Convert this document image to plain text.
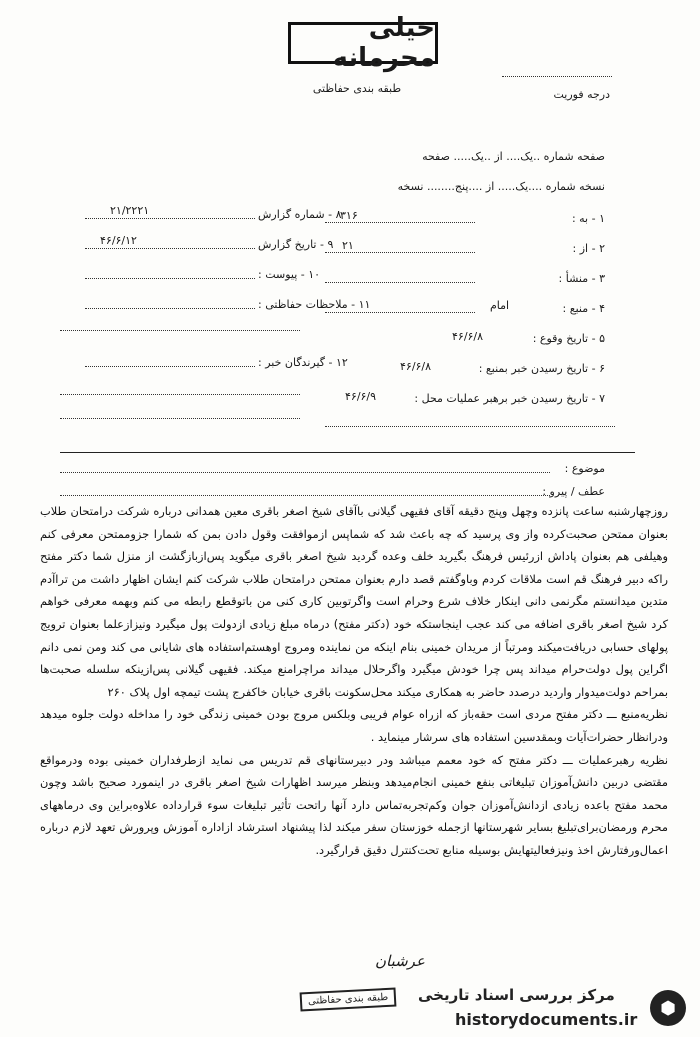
خیلی محرمانه
طبقه بندی حفاظتی	درجه فوریت
صفحه شماره ..یک.... از ..یک..... صفحه
نسخه شماره ....یک..... از ....پنج........ نسخه
۱ - به :
۳۱۶
۲ - از :
۲۱
۳ - منشأ :
۴ - منبع :
امام
۵ - تاریخ وقوع :
۴۶/۶/۸
۶ - تاریخ رسیدن خبر بمنبع :
۴۶/۶/۸
۷ - تاریخ رسیدن خبر برهبر عملیات محل :
۴۶/۶/۹
۸ - شماره گزارش
۲۱/۲۲۲۱
۹ - تاریخ گزارش
۴۶/۶/۱۲
۱۰ - پیوست :
۱۱ - ملاحظات حفاظتی :
۱۲ - گیرندگان خبر :
موضوع :
عطف / پیرو :

روزچهارشنبه ساعت پانزده وچهل وپنج دقیقه آقای فقیهی گیلانی باآقای شیخ اصغر باقری معین همدانی درباره شرکت درامتحان طلاب بعنوان ممتحن صحبت‌کرده واز وی پرسید که چه باعث شد که شماپس ازموافقت وقول دادن بمن که شمارا جزوممتحن معرفی کنم وهیلفی هم بعنوان پاداش ازرئیس فرهنگ بگیرید خلف وعده گردید شیخ اصغر باقری میگوید پس‌ازبازگشت از منزل شما دکتر مفتح راکه دبیر فرهنگ قم است ملاقات کردم وباوگفتم قصد دارم بعنوان ممتحن درامتحان طلاب شرکت کنم ایشان اظهار داشت من تراآدم متدین میدانستم مگرنمی دانی اینکار خلاف شرع وحرام است واگرتوبین کاری کنی من باتوقطع رابطه می کنم وبهمه معرفی خواهم کرد شیخ اصغر باقری اضافه می کند عجب اینجاستکه خود (دکتر مفتح) درماه مبلغ زیادی ازدولت پول میگیرد ونیزازعلما بعنوان ترویج پولهای حسابی دریافت‌میکند ومرتباً از مریدان خمینی بنام اینکه من نماینده ومروج اوهستم‌استفاده های شایانی می کند ومن نمی دانم اگراین پول دولت‌حرام میداند پس چرا خودش میگیرد واگرحلال میداند مراچرامنع میکند. فقیهی گیلانی پس‌ازینکه سلسله صحبت‌ها بمراحم دولت‌میدوار واردید درصدد حاضر به همکاری میکند محل‌سکونت باقری خیابان خاکفرج پشت تیمچه اول پلاک ۲۶۰

نظریه‌منبع ـــ دکتر مفتح مردی است حقه‌باز که ازراه عوام فریبی وبلکس مروج بودن خمینی زندگی خود را مداخله دولت جلوه میدهد ودرانظار حضرات‌آیات وبمقدسین استفاده های سرشار مینماید .

نظریه رهبرعملیات ـــ دکتر مفتح که خود معمم میباشد ودر دبیرستانهای قم تدریس می نماید ازطرفداران خمینی بوده ودرمواقع مقتضی دربین دانش‌آموزان تبلیغاتی بنفع خمینی انجام‌میدهد وبنظر میرسد اظهارات شیخ اصغر باقری در اینمورد صحیح باشد وچون محمد مفتح باعده زیادی ازدانش‌آموزان جوان وکم‌تجربه‌تماس دارد آنها راتحت تأثیر تبلیغات سوء قرارداده علاوه‌براین وی درماههای محرم ورمضان‌برای‌تبلیغ بسایر شهرستانها ازجمله خوزستان سفر میکند لذا پیشنهاد استرشاد ازاداره آموزش وپرورش تعهد لازم درباره اعمال‌ورفتارش اخذ ونیزفعالیتهایش بوسیله منابع تحت‌کنترل دقیق قرارگیرد.

عرشبان
طبقه بندی حفاظتی	⬢
مرکز بررسی اسناد تاریخی
historydocuments.ir
